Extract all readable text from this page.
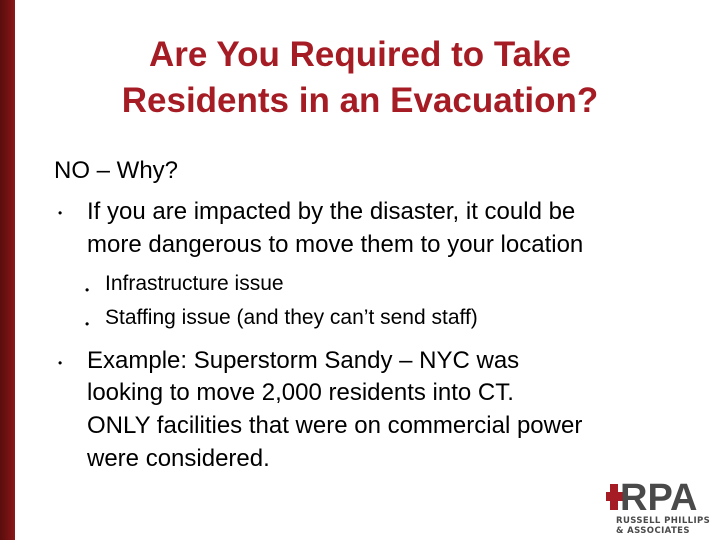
Are You Required to Take
Residents in an Evacuation?
NO – Why?
• If you are impacted by the disaster, it could be
more dangerous to move them to your location
• Infrastructure issue
• Staffing issue (and they can’t send staff)
• Example: Superstorm Sandy – NYC was
looking to move 2,000 residents into CT.
ONLY facilities that were on commercial power
were considered.
RPA
RUSSELL PHILLIPS
& ASSOCIATES
